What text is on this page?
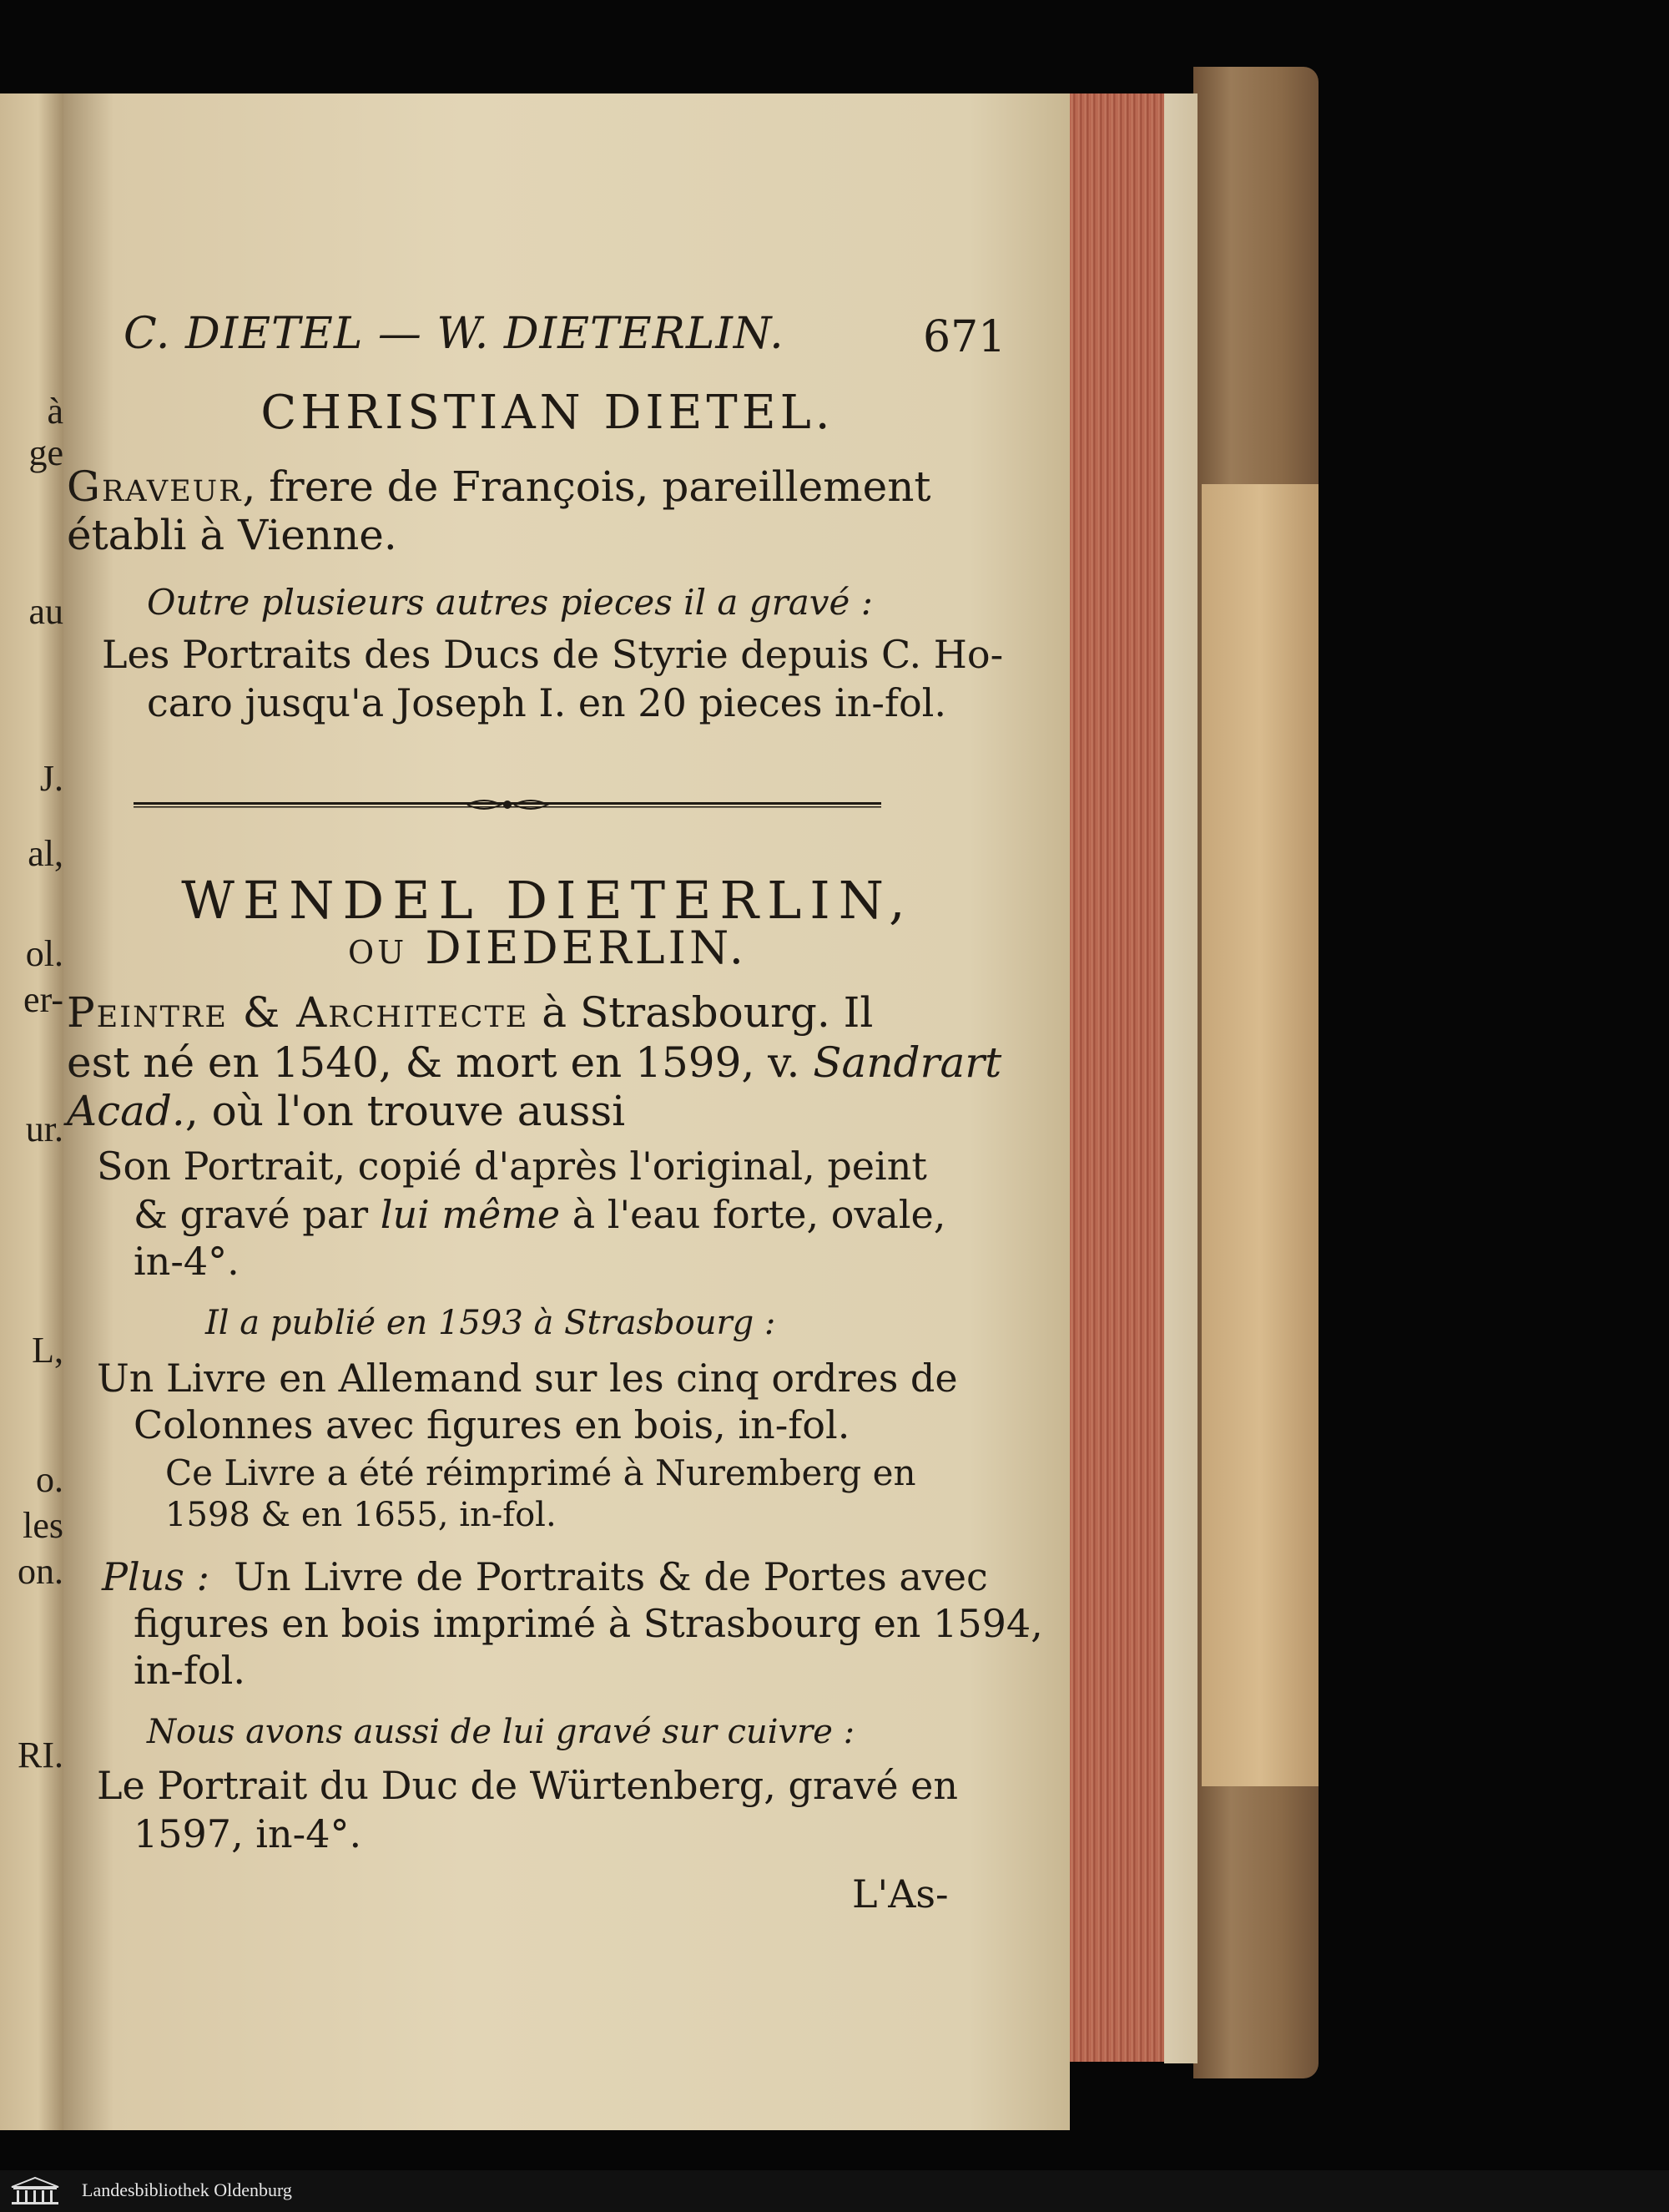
à
ge
au
J.
al,
ol.
er-
ur.
L,
o.
les
on.
RI.
C. DIETEL — W. DIETERLIN.	671
CHRISTIAN DIETEL.
Graveur, frere de François, pareillement
établi à Vienne.
Outre plusieurs autres pieces il a gravé :
Les Portraits des Ducs de Styrie depuis C. Ho-
caro jusqu'a Joseph I. en 20 pieces in-fol.
WENDEL DIETERLIN,
ou DIEDERLIN.
Peintre & Architecte à Strasbourg. Il
est né en 1540, & mort en 1599, v. Sandrart
Acad., où l'on trouve aussi
Son Portrait, copié d'après l'original, peint
& gravé par lui même à l'eau forte, ovale,
in-4°.
Il a publié en 1593 à Strasbourg :
Un Livre en Allemand sur les cinq ordres de
Colonnes avec figures en bois, in-fol.
Ce Livre a été réimprimé à Nuremberg en
1598 & en 1655, in-fol.
Plus : Un Livre de Portraits & de Portes avec
figures en bois imprimé à Strasbourg en 1594,
in-fol.
Nous avons aussi de lui gravé sur cuivre :
Le Portrait du Duc de Würtenberg, gravé en
1597, in-4°.
L'As-
Landesbibliothek Oldenburg
